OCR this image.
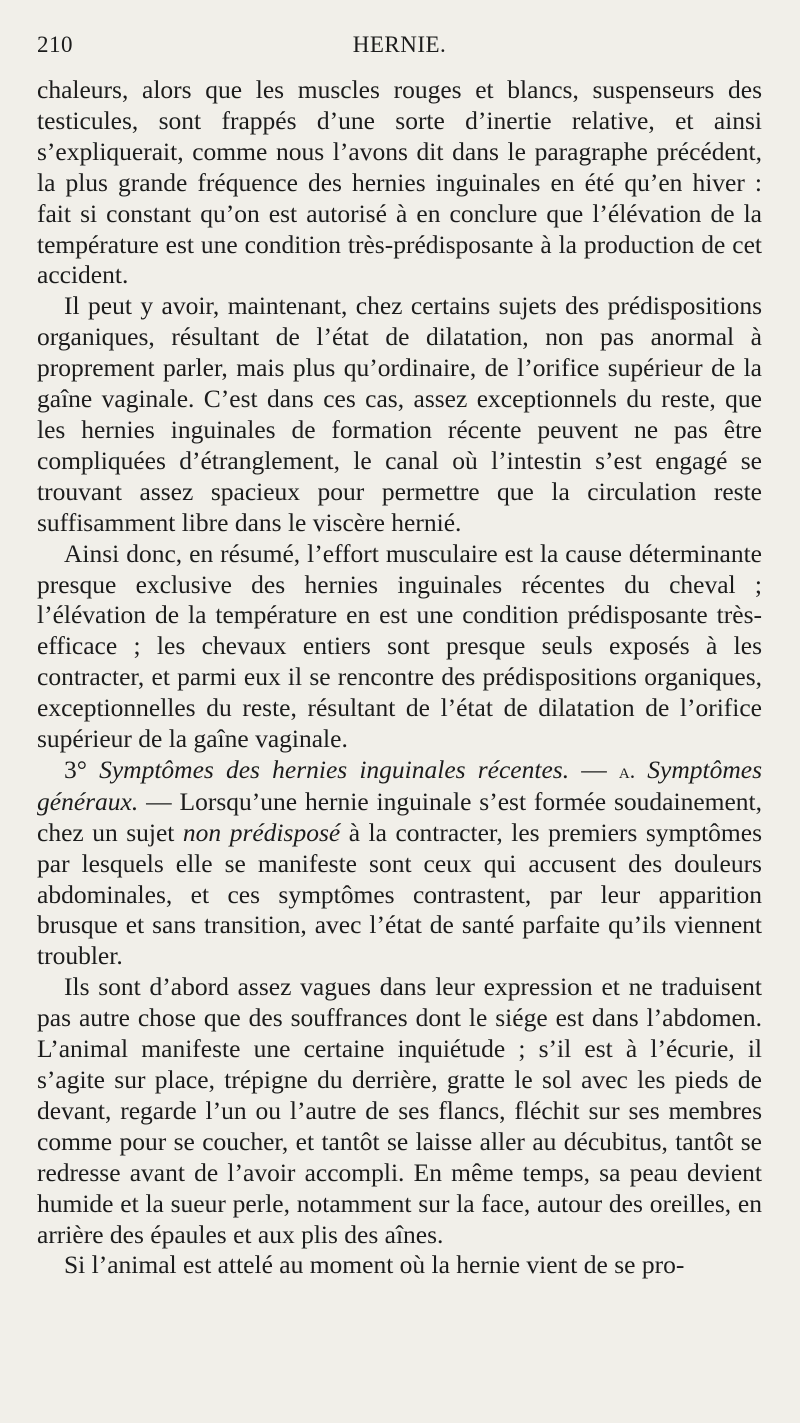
210	HERNIE.

chaleurs, alors que les muscles rouges et blancs, suspenseurs des testicules, sont frappés d’une sorte d’inertie relative, et ainsi s’expliquerait, comme nous l’avons dit dans le paragraphe précédent, la plus grande fréquence des hernies inguinales en été qu’en hiver : fait si constant qu’on est autorisé à en conclure que l’élévation de la température est une condition très-prédisposante à la production de cet accident.

Il peut y avoir, maintenant, chez certains sujets des prédispositions organiques, résultant de l’état de dilatation, non pas anormal à proprement parler, mais plus qu’ordinaire, de l’orifice supérieur de la gaîne vaginale. C’est dans ces cas, assez exceptionnels du reste, que les hernies inguinales de formation récente peuvent ne pas être compliquées d’étranglement, le canal où l’intestin s’est engagé se trouvant assez spacieux pour permettre que la circulation reste suffisamment libre dans le viscère hernié.

Ainsi donc, en résumé, l’effort musculaire est la cause déterminante presque exclusive des hernies inguinales récentes du cheval ; l’élévation de la température en est une condition prédisposante très-efficace ; les chevaux entiers sont presque seuls exposés à les contracter, et parmi eux il se rencontre des prédispositions organiques, exceptionnelles du reste, résultant de l’état de dilatation de l’orifice supérieur de la gaîne vaginale.

3° Symptômes des hernies inguinales récentes. — a. Symptômes généraux. — Lorsqu’une hernie inguinale s’est formée soudainement, chez un sujet non prédisposé à la contracter, les premiers symptômes par lesquels elle se manifeste sont ceux qui accusent des douleurs abdominales, et ces symptômes contrastent, par leur apparition brusque et sans transition, avec l’état de santé parfaite qu’ils viennent troubler.

Ils sont d’abord assez vagues dans leur expression et ne traduisent pas autre chose que des souffrances dont le siége est dans l’abdomen. L’animal manifeste une certaine inquiétude ; s’il est à l’écurie, il s’agite sur place, trépigne du derrière, gratte le sol avec les pieds de devant, regarde l’un ou l’autre de ses flancs, fléchit sur ses membres comme pour se coucher, et tantôt se laisse aller au décubitus, tantôt se redresse avant de l’avoir accompli. En même temps, sa peau devient humide et la sueur perle, notamment sur la face, autour des oreilles, en arrière des épaules et aux plis des aînes.

Si l’animal est attelé au moment où la hernie vient de se pro-
